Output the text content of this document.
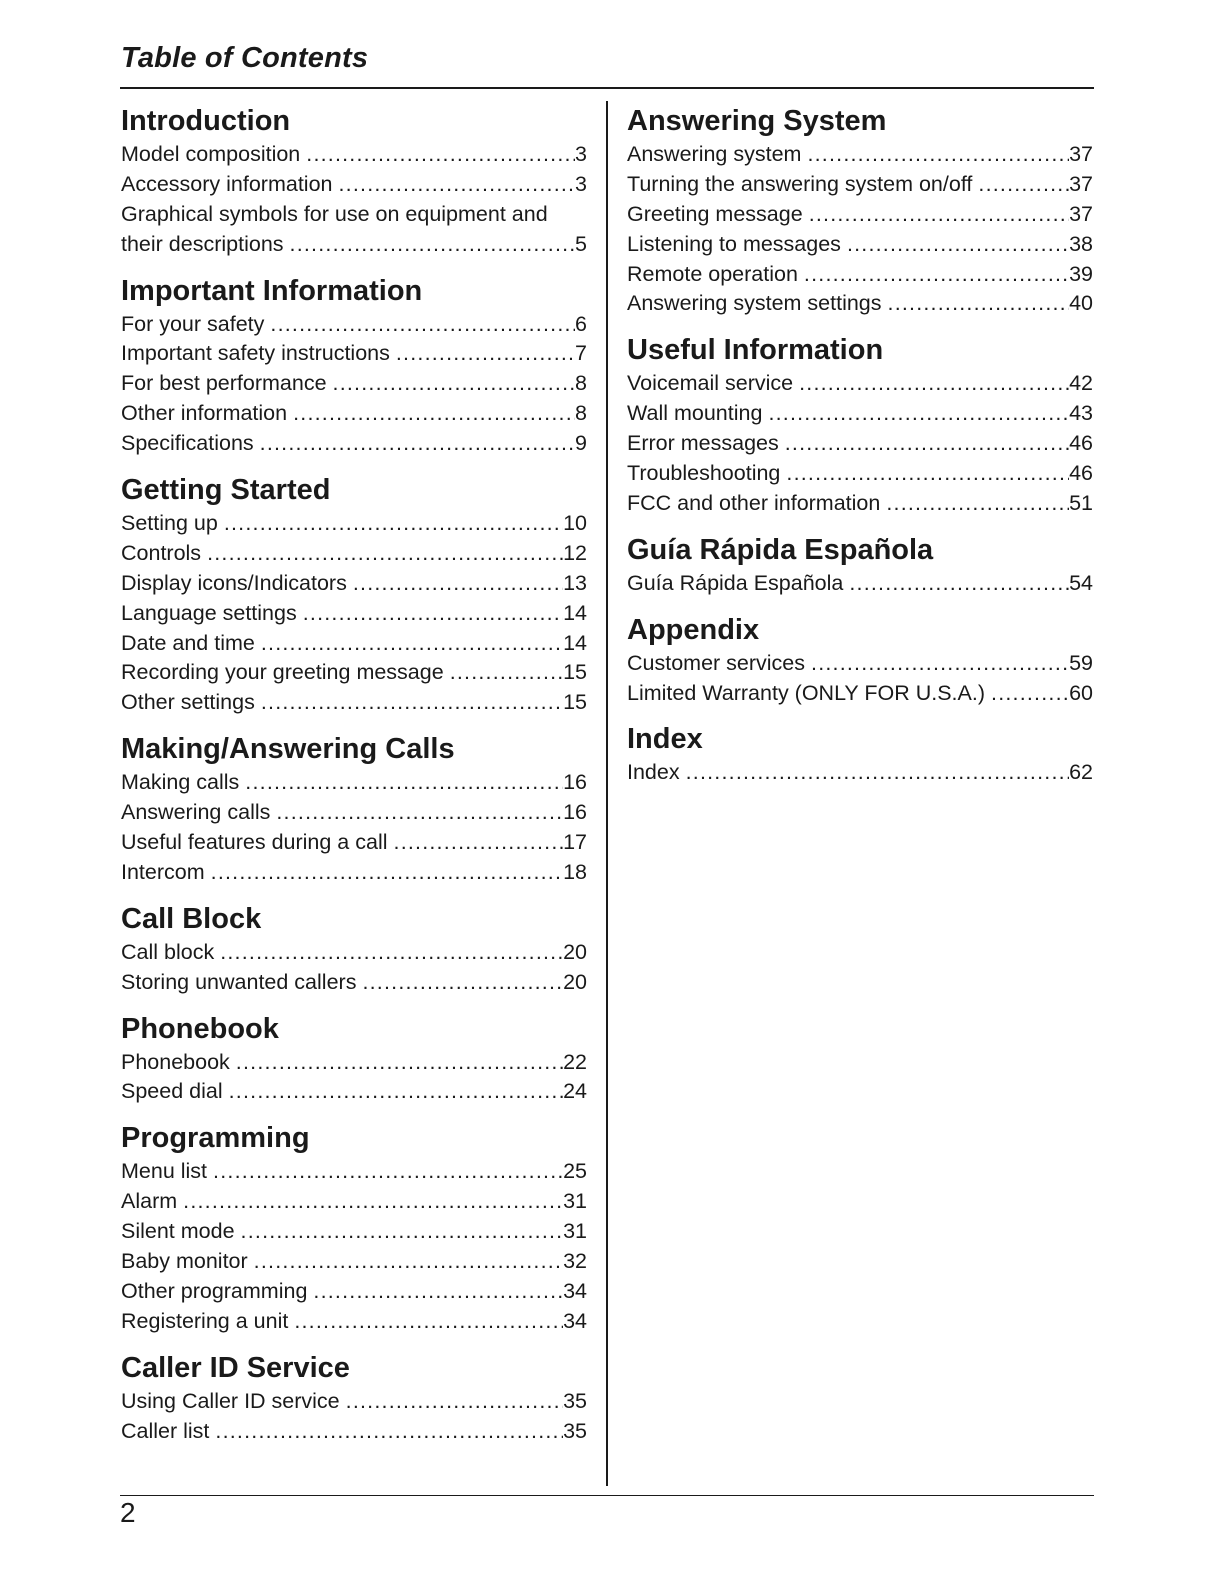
Table of Contents
Introduction
Model composition .....	3
Accessory information .....	3
Graphical symbols for use on equipment and
their descriptions .....	5
Important Information
For your safety .....	6
Important safety instructions .....	7
For best performance .....	8
Other information .....	8
Specifications .....	9
Getting Started
Setting up .....	10
Controls .....	12
Display icons/Indicators .....	13
Language settings .....	14
Date and time .....	14
Recording your greeting message .....	15
Other settings .....	15
Making/Answering Calls
Making calls .....	16
Answering calls .....	16
Useful features during a call .....	17
Intercom .....	18
Call Block
Call block .....	20
Storing unwanted callers .....	20
Phonebook
Phonebook .....	22
Speed dial .....	24
Programming
Menu list .....	25
Alarm .....	31
Silent mode .....	31
Baby monitor .....	32
Other programming .....	34
Registering a unit .....	34
Caller ID Service
Using Caller ID service .....	35
Caller list .....	35
Answering System
Answering system .....	37
Turning the answering system on/off .....	37
Greeting message .....	37
Listening to messages .....	38
Remote operation .....	39
Answering system settings .....	40
Useful Information
Voicemail service .....	42
Wall mounting .....	43
Error messages .....	46
Troubleshooting .....	46
FCC and other information .....	51
Guía Rápida Española
Guía Rápida Española .....	54
Appendix
Customer services .....	59
Limited Warranty (ONLY FOR U.S.A.) .....	60
Index
Index .....	62
2
